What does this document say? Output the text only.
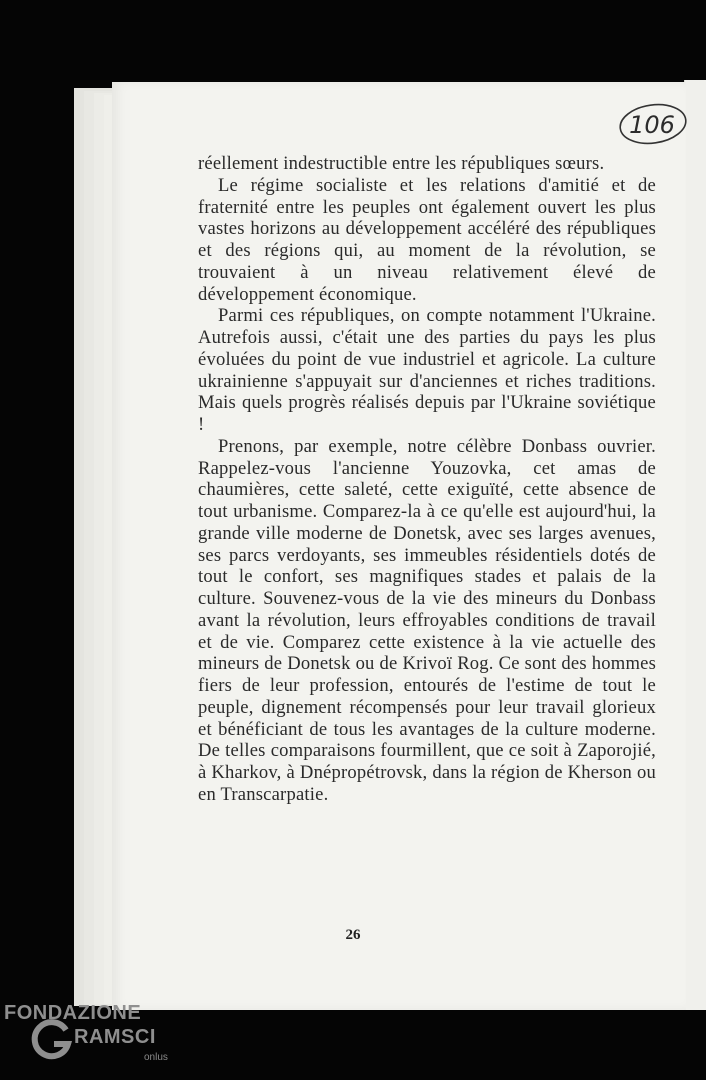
106

réellement indestructible entre les républiques sœurs.

Le régime socialiste et les relations d'amitié et de fraternité entre les peuples ont également ouvert les plus vastes horizons au développement accéléré des républiques et des régions qui, au moment de la révolution, se trouvaient à un niveau relativement élevé de développement économique.

Parmi ces républiques, on compte notamment l'Ukraine. Autrefois aussi, c'était une des parties du pays les plus évoluées du point de vue industriel et agricole. La culture ukrainienne s'appuyait sur d'anciennes et riches traditions. Mais quels progrès réalisés depuis par l'Ukraine soviétique !

Prenons, par exemple, notre célèbre Donbass ouvrier. Rappelez-vous l'ancienne Youzovka, cet amas de chaumières, cette saleté, cette exiguïté, cette absence de tout urbanisme. Comparez-la à ce qu'elle est aujourd'hui, la grande ville moderne de Donetsk, avec ses larges avenues, ses parcs verdoyants, ses immeubles résidentiels dotés de tout le confort, ses magnifiques stades et palais de la culture. Souvenez-vous de la vie des mineurs du Donbass avant la révolution, leurs effroyables conditions de travail et de vie. Comparez cette existence à la vie actuelle des mineurs de Donetsk ou de Krivoï Rog. Ce sont des hommes fiers de leur profession, entourés de l'estime de tout le peuple, dignement récompensés pour leur travail glorieux et bénéficiant de tous les avantages de la culture moderne. De telles comparaisons fourmillent, que ce soit à Zaporojié, à Kharkov, à Dnépropétrovsk, dans la région de Kherson ou en Transcarpatie.

26
FONDAZIONE
RAMSCI
onlus
